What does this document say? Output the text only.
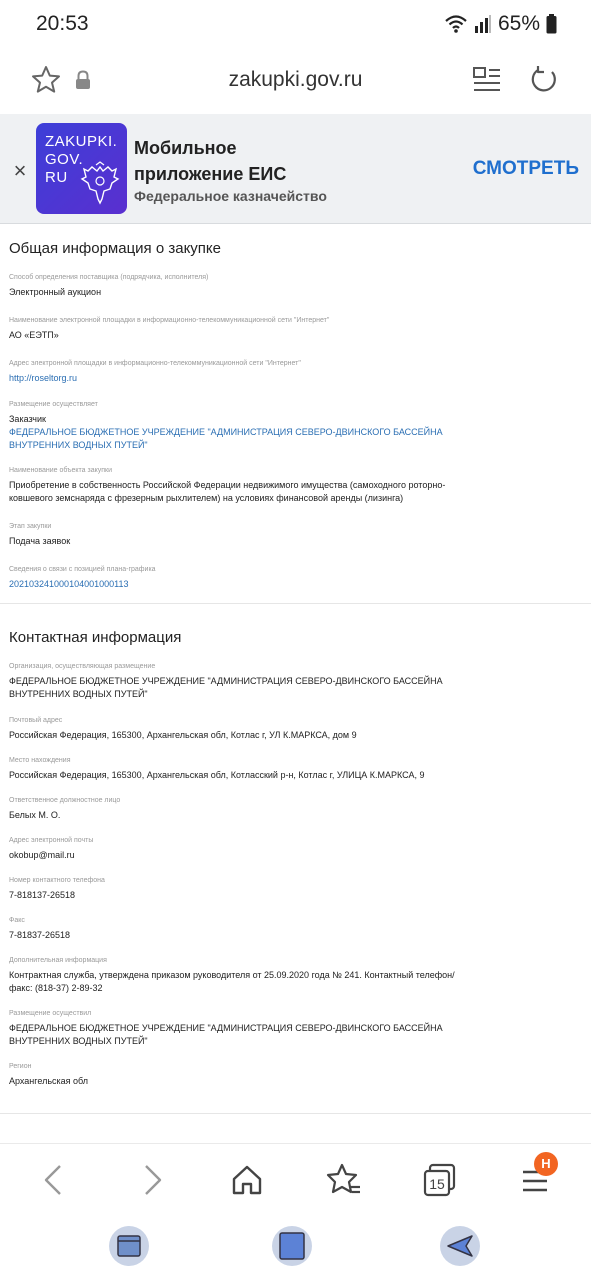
20:53	65%
zakupki.gov.ru
×
ZAKUPKI.
GOV.
RU
Мобильное
приложение ЕИС
Федеральное казначейство
СМОТРЕТЬ
Общая информация о закупке
Способ определения поставщика (подрядчика, исполнителя)
Электронный аукцион
Наименование электронной площадки в информационно-телекоммуникационной сети "Интернет"
АО «ЕЭТП»
Адрес электронной площадки в информационно-телекоммуникационной сети "Интернет"
http://roseltorg.ru
Размещение осуществляет
Заказчик
ФЕДЕРАЛЬНОЕ БЮДЖЕТНОЕ УЧРЕЖДЕНИЕ "АДМИНИСТРАЦИЯ СЕВЕРО-ДВИНСКОГО БАССЕЙНА
ВНУТРЕННИХ ВОДНЫХ ПУТЕЙ"
Наименование объекта закупки
Приобретение в собственность Российской Федерации недвижимого имущества (самоходного роторно-
ковшевого земснаряда с фрезерным рыхлителем) на условиях финансовой аренды (лизинга)
Этап закупки
Подача заявок
Сведения о связи с позицией плана-графика
202103241000104001000113
Контактная информация
Организация, осуществляющая размещение
ФЕДЕРАЛЬНОЕ БЮДЖЕТНОЕ УЧРЕЖДЕНИЕ "АДМИНИСТРАЦИЯ СЕВЕРО-ДВИНСКОГО БАССЕЙНА
ВНУТРЕННИХ ВОДНЫХ ПУТЕЙ"
Почтовый адрес
Российская Федерация, 165300, Архангельская обл, Котлас г, УЛ К.МАРКСА, дом 9
Место нахождения
Российская Федерация, 165300, Архангельская обл, Котласский р-н, Котлас г, УЛИЦА К.МАРКСА, 9
Ответственное должностное лицо
Белых М. О.
Адрес электронной почты
okobup@mail.ru
Номер контактного телефона
7-818137-26518
Факс
7-81837-26518
Дополнительная информация
Контрактная служба, утверждена приказом руководителя от 25.09.2020 года № 241. Контактный телефон/
факс: (818-37) 2-89-32
Размещение осуществил
ФЕДЕРАЛЬНОЕ БЮДЖЕТНОЕ УЧРЕЖДЕНИЕ "АДМИНИСТРАЦИЯ СЕВЕРО-ДВИНСКОГО БАССЕЙНА
ВНУТРЕННИХ ВОДНЫХ ПУТЕЙ"
Регион
Архангельская обл
15
H
